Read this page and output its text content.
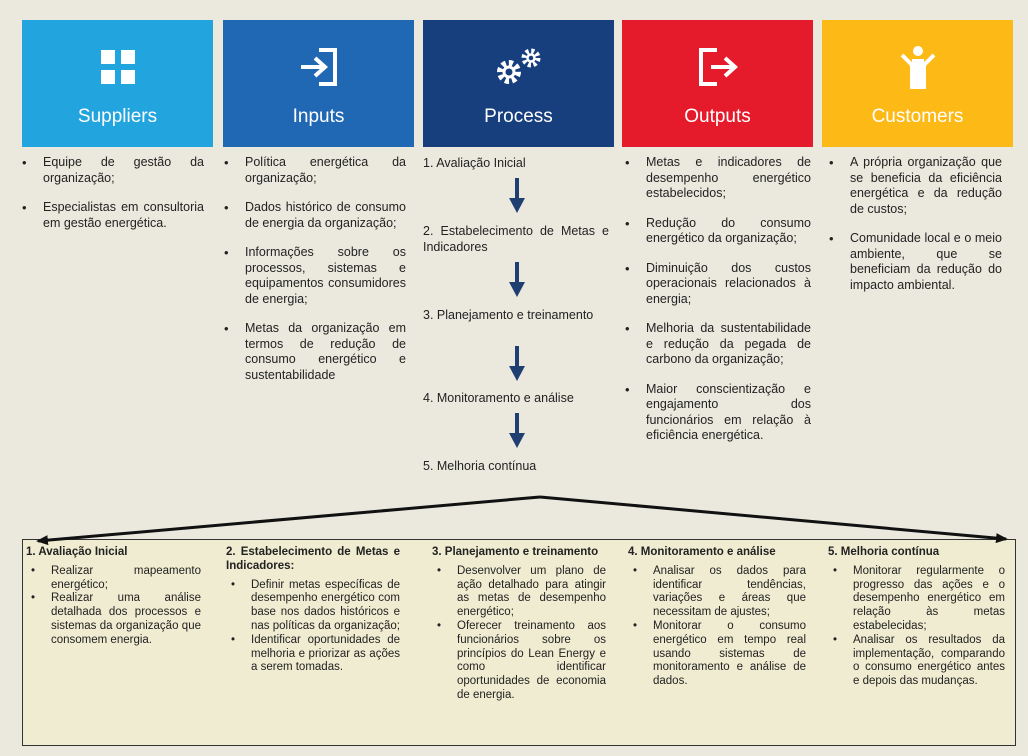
Suppliers	Inputs	Process	Outputs	Customers
• Equipe de gestão da organização;
• Especialistas em consultoria em gestão energética.
• Política energética da organização;
• Dados histórico de consumo de energia da organização;
• Informações sobre os processos, sistemas e equipamentos consumidores de energia;
• Metas da organização em termos de redução de consumo energético e sustentabilidade
1. Avaliação Inicial
2. Estabelecimento de Metas e Indicadores
3. Planejamento e treinamento
4. Monitoramento e análise
5. Melhoria contínua
• Metas e indicadores de desempenho energético estabelecidos;
• Redução do consumo energético da organização;
• Diminuição dos custos operacionais relacionados à energia;
• Melhoria da sustentabilidade e redução da pegada de carbono da organização;
• Maior conscientização e engajamento dos funcionários em relação à eficiência energética.
• A própria organização que se beneficia da eficiência energética e da redução de custos;
• Comunidade local e o meio ambiente, que se beneficiam da redução do impacto ambiental.
1. Avaliação Inicial
• Realizar mapeamento energético;
• Realizar uma análise detalhada dos processos e sistemas da organização que consomem energia.
2. Estabelecimento de Metas e Indicadores:
• Definir metas específicas de desempenho energético com base nos dados históricos e nas políticas da organização;
• Identificar oportunidades de melhoria e priorizar as ações a serem tomadas.
3. Planejamento e treinamento
• Desenvolver um plano de ação detalhado para atingir as metas de desempenho energético;
• Oferecer treinamento aos funcionários sobre os princípios do Lean Energy e como identificar oportunidades de economia de energia.
4. Monitoramento e análise
• Analisar os dados para identificar tendências, variações e áreas que necessitam de ajustes;
• Monitorar o consumo energético em tempo real usando sistemas de monitoramento e análise de dados.
5. Melhoria contínua
• Monitorar regularmente o progresso das ações e o desempenho energético em relação às metas estabelecidas;
• Analisar os resultados da implementação, comparando o consumo energético antes e depois das mudanças.
